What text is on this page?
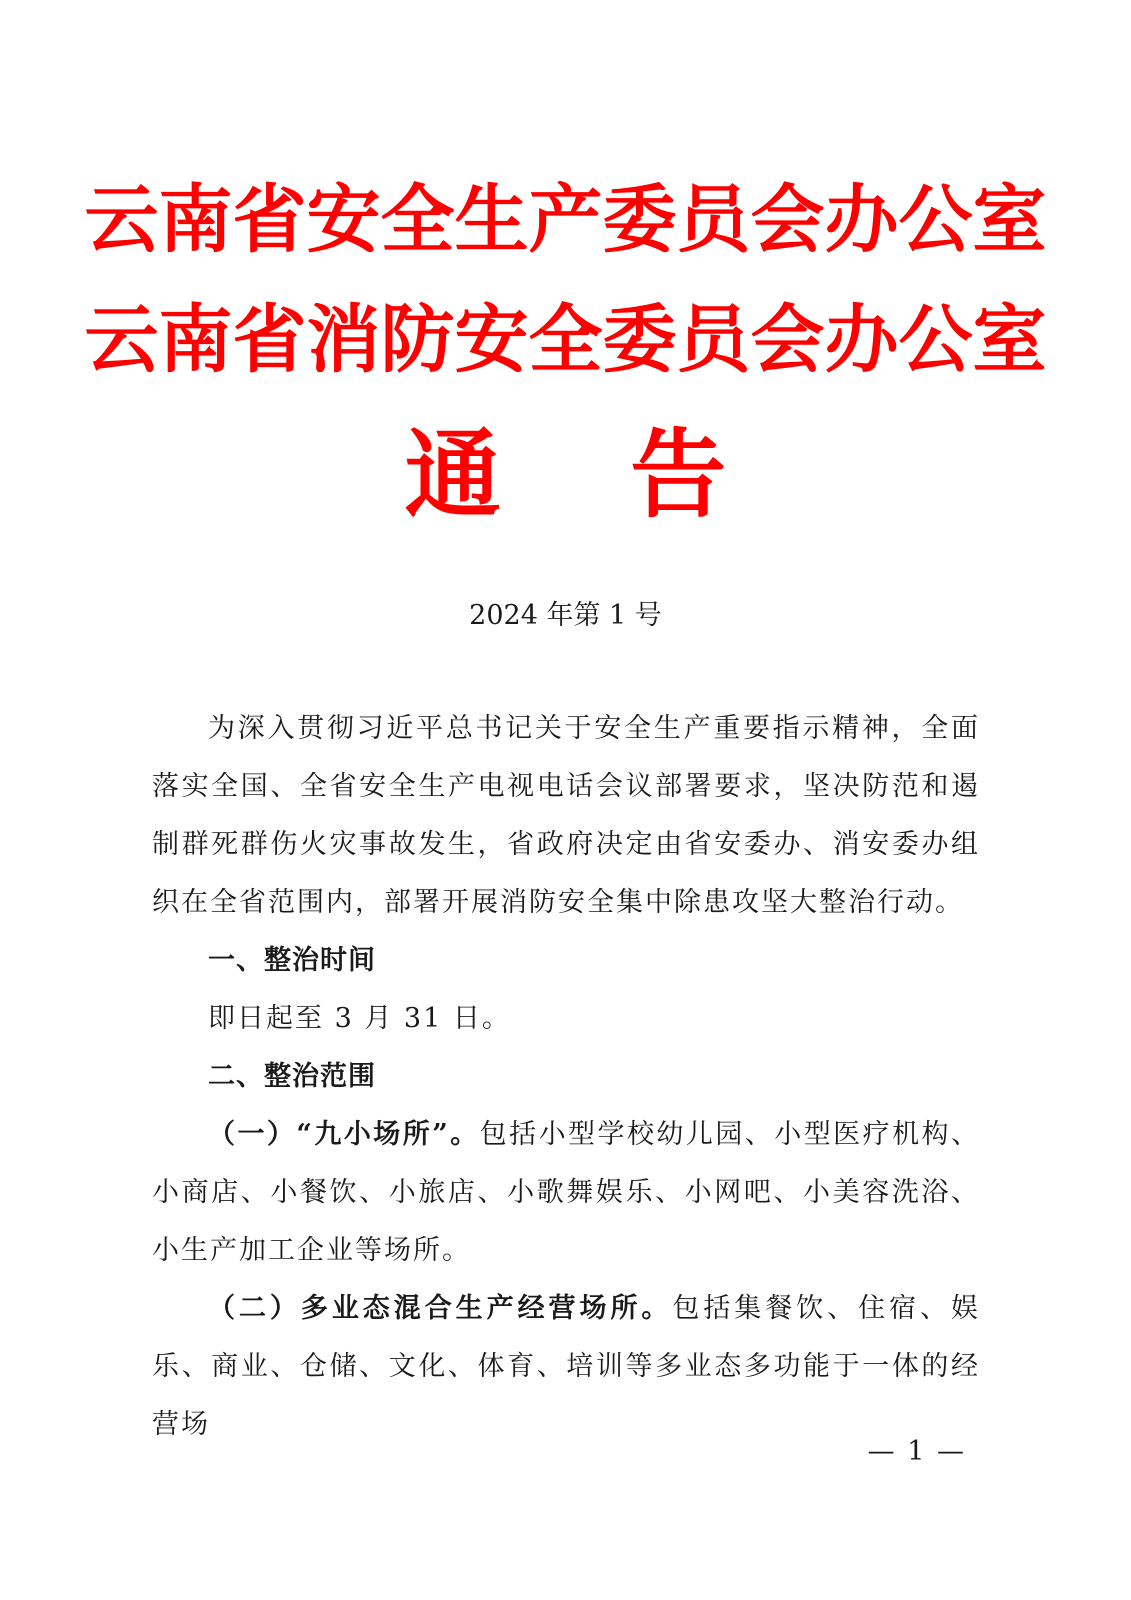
云南省安全生产委员会办公室
云南省消防安全委员会办公室
通 告
2024 年第 1 号

为深入贯彻习近平总书记关于安全生产重要指示精神，全面落实全国、全省安全生产电视电话会议部署要求，坚决防范和遏制群死群伤火灾事故发生，省政府决定由省安委办、消安委办组织在全省范围内，部署开展消防安全集中除患攻坚大整治行动。

一、整治时间

即日起至 3 月 31 日。

二、整治范围

（一）“九小场所”。包括小型学校幼儿园、小型医疗机构、小商店、小餐饮、小旅店、小歌舞娱乐、小网吧、小美容洗浴、小生产加工企业等场所。

（二）多业态混合生产经营场所。包括集餐饮、住宿、娱乐、商业、仓储、文化、体育、培训等多业态多功能于一体的经营场

— 1 —
